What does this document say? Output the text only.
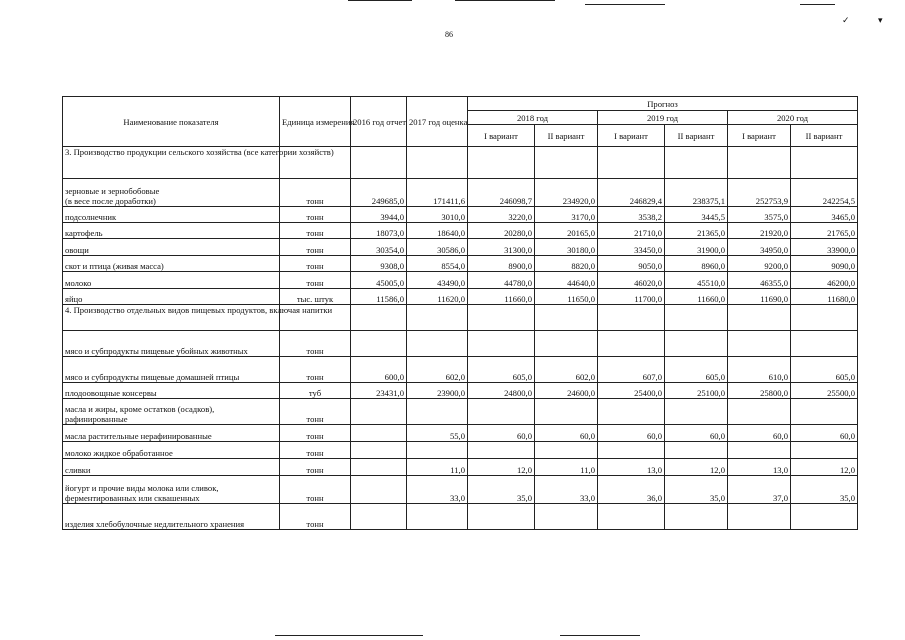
✓	▾
86
Наименование показателя	Единица измерения	2016 год отчет	2017 год оценка	Прогноз					
				2018 год		2019 год		2020 год	
				I вариант	II вариант	I вариант	II вариант	I вариант	II вариант
3. Производство продукции сельского хозяйства (все категории хозяйств)									
зерновые и зернобобовые
(в весе после доработки)	тонн	249685,0	171411,6	246098,7	234920,0	246829,4	238375,1	252753,9	242254,5
подсолнечник	тонн	3944,0	3010,0	3220,0	3170,0	3538,2	3445,5	3575,0	3465,0
картофель	тонн	18073,0	18640,0	20280,0	20165,0	21710,0	21365,0	21920,0	21765,0
овощи	тонн	30354,0	30586,0	31300,0	30180,0	33450,0	31900,0	34950,0	33900,0
скот и птица (живая масса)	тонн	9308,0	8554,0	8900,0	8820,0	9050,0	8960,0	9200,0	9090,0
молоко	тонн	45005,0	43490,0	44780,0	44640,0	46020,0	45510,0	46355,0	46200,0
яйцо	тыс. штук	11586,0	11620,0	11660,0	11650,0	11700,0	11660,0	11690,0	11680,0
4. Производство отдельных видов пищевых продуктов, включая напитки									
мясо и субпродукты пищевые убойных животных	тонн								
мясо и субпродукты пищевые домашней птицы	тонн	600,0	602,0	605,0	602,0	607,0	605,0	610,0	605,0
плодоовощные консервы	туб	23431,0	23900,0	24800,0	24600,0	25400,0	25100,0	25800,0	25500,0
масла и жиры, кроме остатков (осадков), рафинированные	тонн								
масла растительные нерафинированные	тонн		55,0	60,0	60,0	60,0	60,0	60,0	60,0
молоко жидкое обработанное	тонн								
сливки	тонн		11,0	12,0	11,0	13,0	12,0	13,0	12,0
йогурт и прочие виды молока или сливок, ферментированных или сквашенных	тонн		33,0	35,0	33,0	36,0	35,0	37,0	35,0
изделия хлебобулочные недлительного хранения	тонн								
